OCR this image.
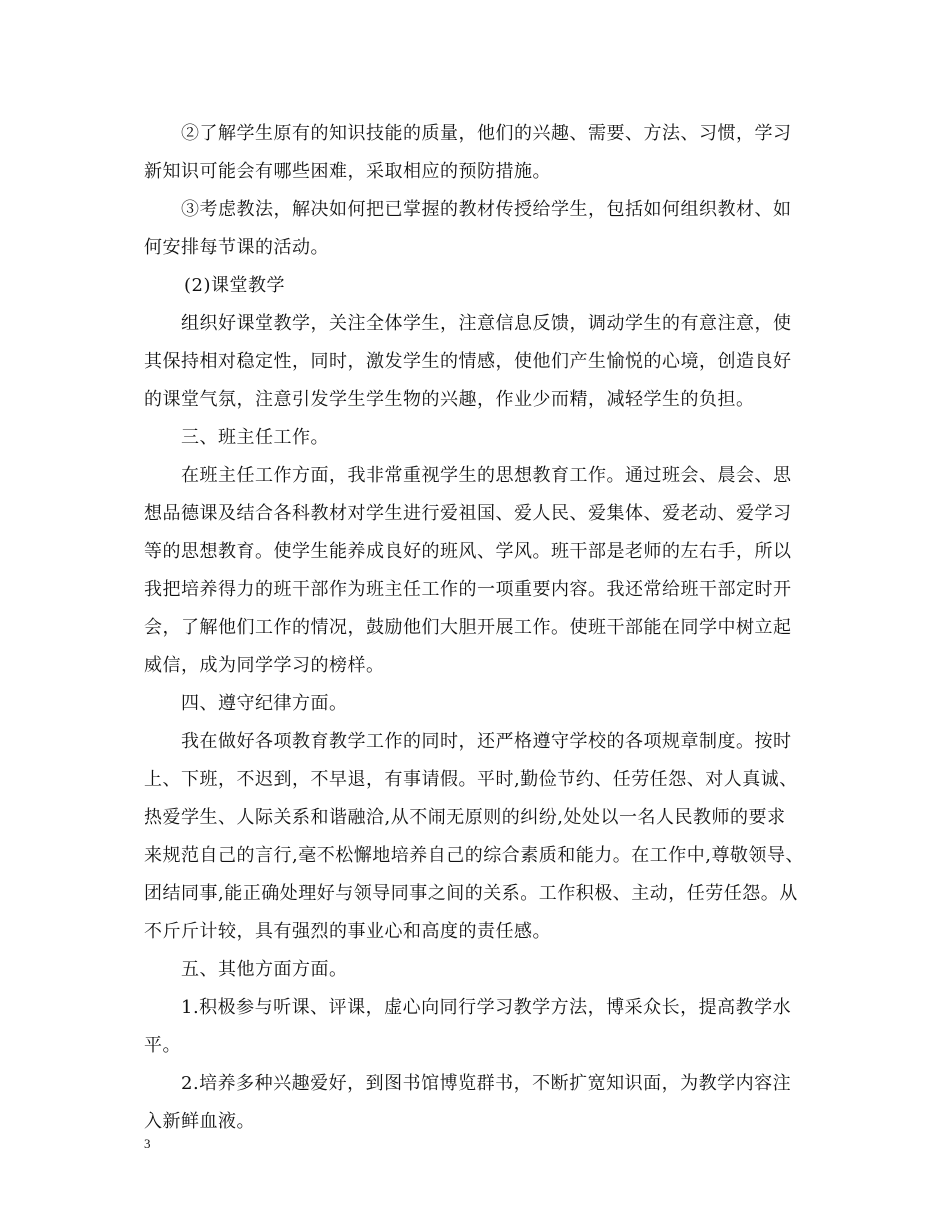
②了解学生原有的知识技能的质量，他们的兴趣、需要、方法、习惯，学习
新知识可能会有哪些困难，采取相应的预防措施。
③考虑教法，解决如何把已掌握的教材传授给学生，包括如何组织教材、如
何安排每节课的活动。
(2)课堂教学
组织好课堂教学，关注全体学生，注意信息反馈，调动学生的有意注意，使
其保持相对稳定性，同时，激发学生的情感，使他们产生愉悦的心境，创造良好
的课堂气氛，注意引发学生学生物的兴趣，作业少而精，减轻学生的负担。
三、班主任工作。
在班主任工作方面，我非常重视学生的思想教育工作。通过班会、晨会、思
想品德课及结合各科教材对学生进行爱祖国、爱人民、爱集体、爱老动、爱学习
等的思想教育。使学生能养成良好的班风、学风。班干部是老师的左右手，所以
我把培养得力的班干部作为班主任工作的一项重要内容。我还常给班干部定时开
会，了解他们工作的情况，鼓励他们大胆开展工作。使班干部能在同学中树立起
威信，成为同学学习的榜样。
四、遵守纪律方面。
我在做好各项教育教学工作的同时，还严格遵守学校的各项规章制度。按时
上、下班，不迟到，不早退，有事请假。平时,勤俭节约、任劳任怨、对人真诚、
热爱学生、人际关系和谐融洽,从不闹无原则的纠纷,处处以一名人民教师的要求
来规范自己的言行,毫不松懈地培养自己的综合素质和能力。在工作中,尊敬领导、
团结同事,能正确处理好与领导同事之间的关系。工作积极、主动，任劳任怨。从
不斤斤计较，具有强烈的事业心和高度的责任感。
五、其他方面方面。
1.积极参与听课、评课，虚心向同行学习教学方法，博采众长，提高教学水
平。
2.培养多种兴趣爱好，到图书馆博览群书，不断扩宽知识面，为教学内容注
入新鲜血液。
3
